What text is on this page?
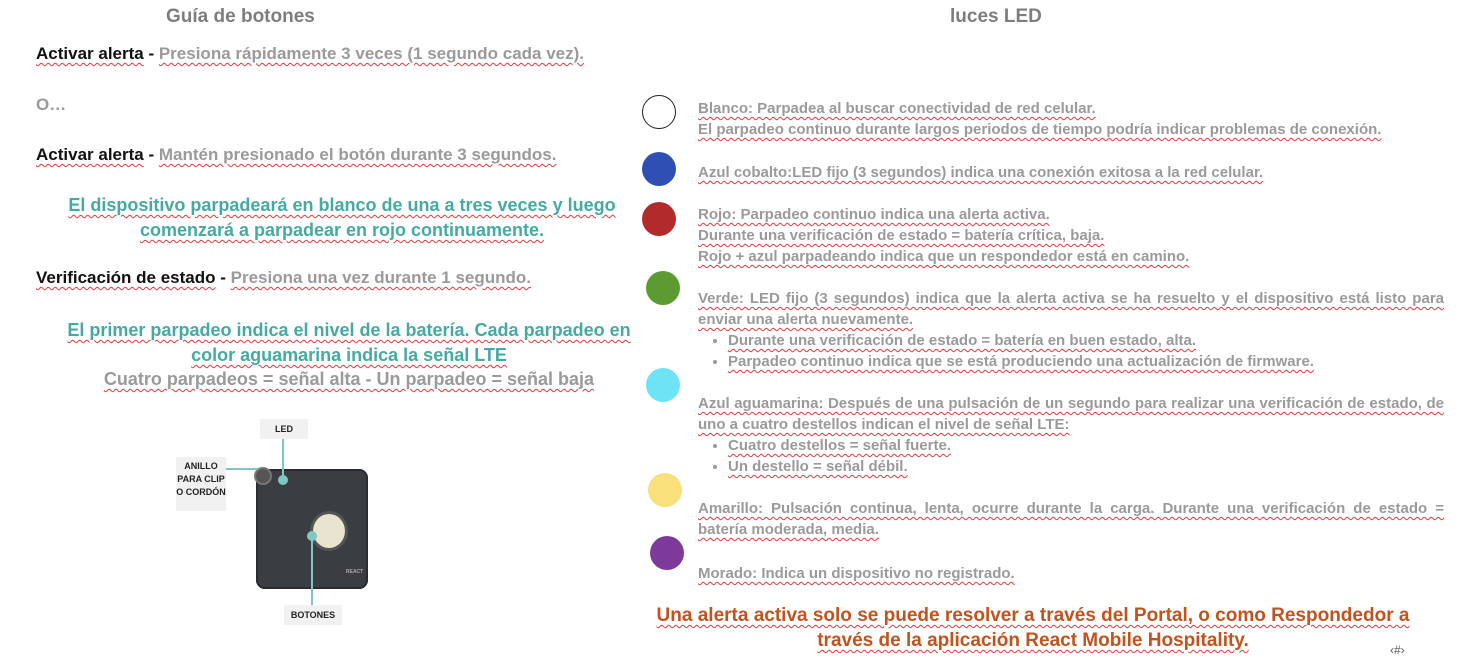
Guía de botones
Activar alerta - Presiona rápidamente 3 veces (1 segundo cada vez).
O…
Activar alerta - Mantén presionado el botón durante 3 segundos.
El dispositivo parpadeará en blanco de una a tres veces y luego
comenzará a parpadear en rojo continuamente.
Verificación de estado - Presiona una vez durante 1 segundo.
El primer parpadeo indica el nivel de la batería. Cada parpadeo en
color aguamarina indica la señal LTE
Cuatro parpadeos = señal alta - Un parpadeo = señal baja
LED
ANILLO PARA CLIP O CORDÓN
REACT
BOTONES
luces LED
Blanco: Parpadea al buscar conectividad de red celular.
El parpadeo continuo durante largos periodos de tiempo podría indicar problemas de conexión.
Azul cobalto:LED fijo (3 segundos) indica una conexión exitosa a la red celular.
Rojo: Parpadeo continuo indica una alerta activa.
Durante una verificación de estado = batería crítica, baja.
Rojo + azul parpadeando indica que un respondedor está en camino.
Verde: LED fijo (3 segundos) indica que la alerta activa se ha resuelto y el dispositivo está listo para enviar una alerta nuevamente.
• Durante una verificación de estado = batería en buen estado, alta.
• Parpadeo continuo indica que se está produciendo una actualización de firmware.
Azul aguamarina: Después de una pulsación de un segundo para realizar una verificación de estado, de uno a cuatro destellos indican el nivel de señal LTE:
• Cuatro destellos = señal fuerte.
• Un destello = señal débil.
Amarillo: Pulsación continua, lenta, ocurre durante la carga. Durante una verificación de estado = batería moderada, media.
Morado: Indica un dispositivo no registrado.
Una alerta activa solo se puede resolver a través del Portal, o como Respondedor a
través de la aplicación React Mobile Hospitality.	‹#›
